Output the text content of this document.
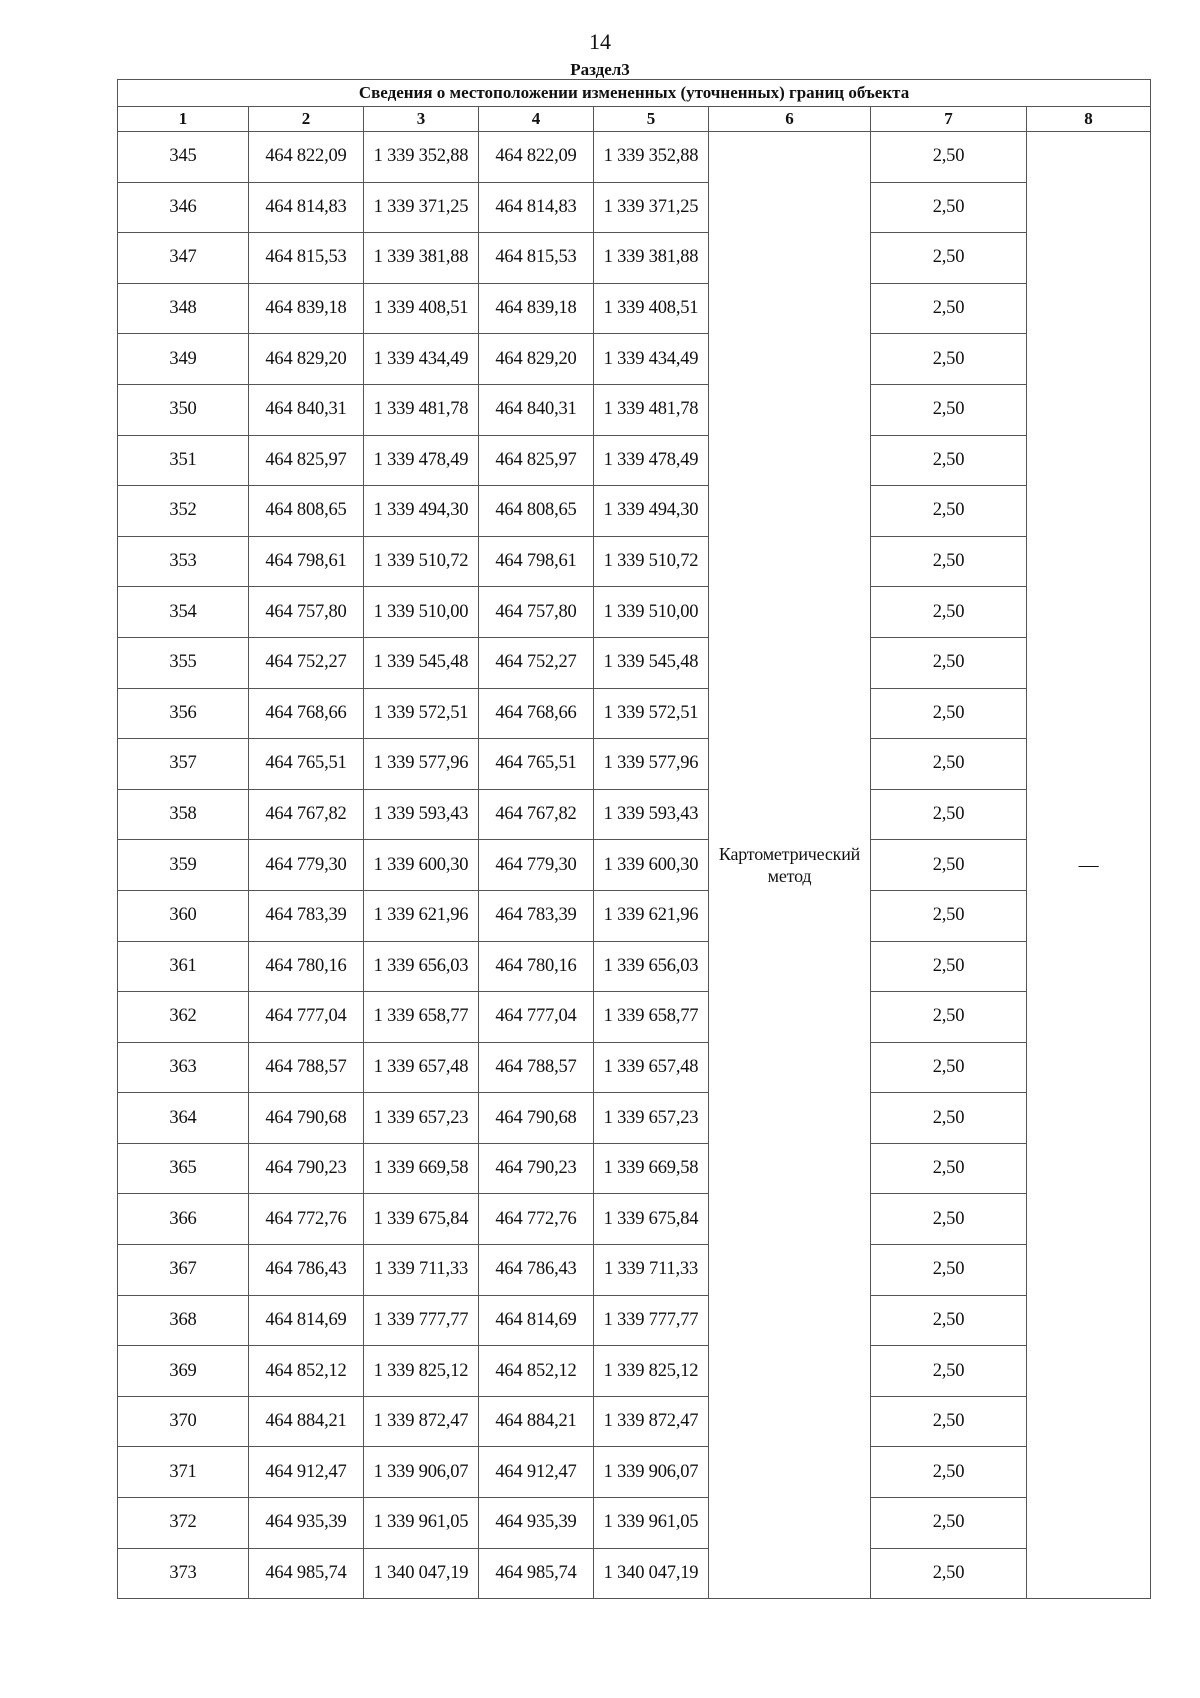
14
Раздел3
Сведения о местоположении измененных (уточненных) границ объекта							
1	2	3	4	5	6	7	8
345	464 822,09	1 339 352,88	464 822,09	1 339 352,88	Картометрический метод	2,50	—
346	464 814,83	1 339 371,25	464 814,83	1 339 371,25		2,50	
347	464 815,53	1 339 381,88	464 815,53	1 339 381,88		2,50	
348	464 839,18	1 339 408,51	464 839,18	1 339 408,51		2,50	
349	464 829,20	1 339 434,49	464 829,20	1 339 434,49		2,50	
350	464 840,31	1 339 481,78	464 840,31	1 339 481,78		2,50	
351	464 825,97	1 339 478,49	464 825,97	1 339 478,49		2,50	
352	464 808,65	1 339 494,30	464 808,65	1 339 494,30		2,50	
353	464 798,61	1 339 510,72	464 798,61	1 339 510,72		2,50	
354	464 757,80	1 339 510,00	464 757,80	1 339 510,00		2,50	
355	464 752,27	1 339 545,48	464 752,27	1 339 545,48		2,50	
356	464 768,66	1 339 572,51	464 768,66	1 339 572,51		2,50	
357	464 765,51	1 339 577,96	464 765,51	1 339 577,96		2,50	
358	464 767,82	1 339 593,43	464 767,82	1 339 593,43		2,50	
359	464 779,30	1 339 600,30	464 779,30	1 339 600,30		2,50	
360	464 783,39	1 339 621,96	464 783,39	1 339 621,96		2,50	
361	464 780,16	1 339 656,03	464 780,16	1 339 656,03		2,50	
362	464 777,04	1 339 658,77	464 777,04	1 339 658,77		2,50	
363	464 788,57	1 339 657,48	464 788,57	1 339 657,48		2,50	
364	464 790,68	1 339 657,23	464 790,68	1 339 657,23		2,50	
365	464 790,23	1 339 669,58	464 790,23	1 339 669,58		2,50	
366	464 772,76	1 339 675,84	464 772,76	1 339 675,84		2,50	
367	464 786,43	1 339 711,33	464 786,43	1 339 711,33		2,50	
368	464 814,69	1 339 777,77	464 814,69	1 339 777,77		2,50	
369	464 852,12	1 339 825,12	464 852,12	1 339 825,12		2,50	
370	464 884,21	1 339 872,47	464 884,21	1 339 872,47		2,50	
371	464 912,47	1 339 906,07	464 912,47	1 339 906,07		2,50	
372	464 935,39	1 339 961,05	464 935,39	1 339 961,05		2,50	
373	464 985,74	1 340 047,19	464 985,74	1 340 047,19		2,50	
